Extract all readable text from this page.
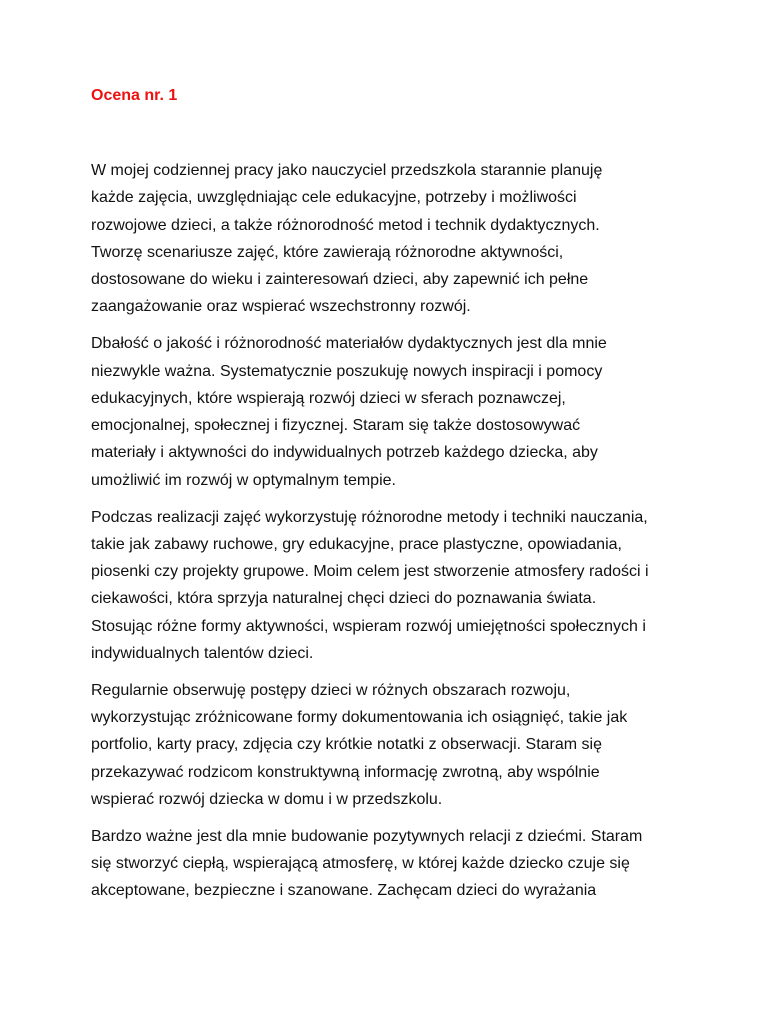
Ocena nr. 1

W mojej codziennej pracy jako nauczyciel przedszkola starannie planuję
każde zajęcia, uwzględniając cele edukacyjne, potrzeby i możliwości
rozwojowe dzieci, a także różnorodność metod i technik dydaktycznych.
Tworzę scenariusze zajęć, które zawierają różnorodne aktywności,
dostosowane do wieku i zainteresowań dzieci, aby zapewnić ich pełne
zaangażowanie oraz wspierać wszechstronny rozwój.

Dbałość o jakość i różnorodność materiałów dydaktycznych jest dla mnie
niezwykle ważna. Systematycznie poszukuję nowych inspiracji i pomocy
edukacyjnych, które wspierają rozwój dzieci w sferach poznawczej,
emocjonalnej, społecznej i fizycznej. Staram się także dostosowywać
materiały i aktywności do indywidualnych potrzeb każdego dziecka, aby
umożliwić im rozwój w optymalnym tempie.

Podczas realizacji zajęć wykorzystuję różnorodne metody i techniki nauczania,
takie jak zabawy ruchowe, gry edukacyjne, prace plastyczne, opowiadania,
piosenki czy projekty grupowe. Moim celem jest stworzenie atmosfery radości i
ciekawości, która sprzyja naturalnej chęci dzieci do poznawania świata.
Stosując różne formy aktywności, wspieram rozwój umiejętności społecznych i
indywidualnych talentów dzieci.

Regularnie obserwuję postępy dzieci w różnych obszarach rozwoju,
wykorzystując zróżnicowane formy dokumentowania ich osiągnięć, takie jak
portfolio, karty pracy, zdjęcia czy krótkie notatki z obserwacji. Staram się
przekazywać rodzicom konstruktywną informację zwrotną, aby wspólnie
wspierać rozwój dziecka w domu i w przedszkolu.

Bardzo ważne jest dla mnie budowanie pozytywnych relacji z dziećmi. Staram
się stworzyć ciepłą, wspierającą atmosferę, w której każde dziecko czuje się
akceptowane, bezpieczne i szanowane. Zachęcam dzieci do wyrażania
